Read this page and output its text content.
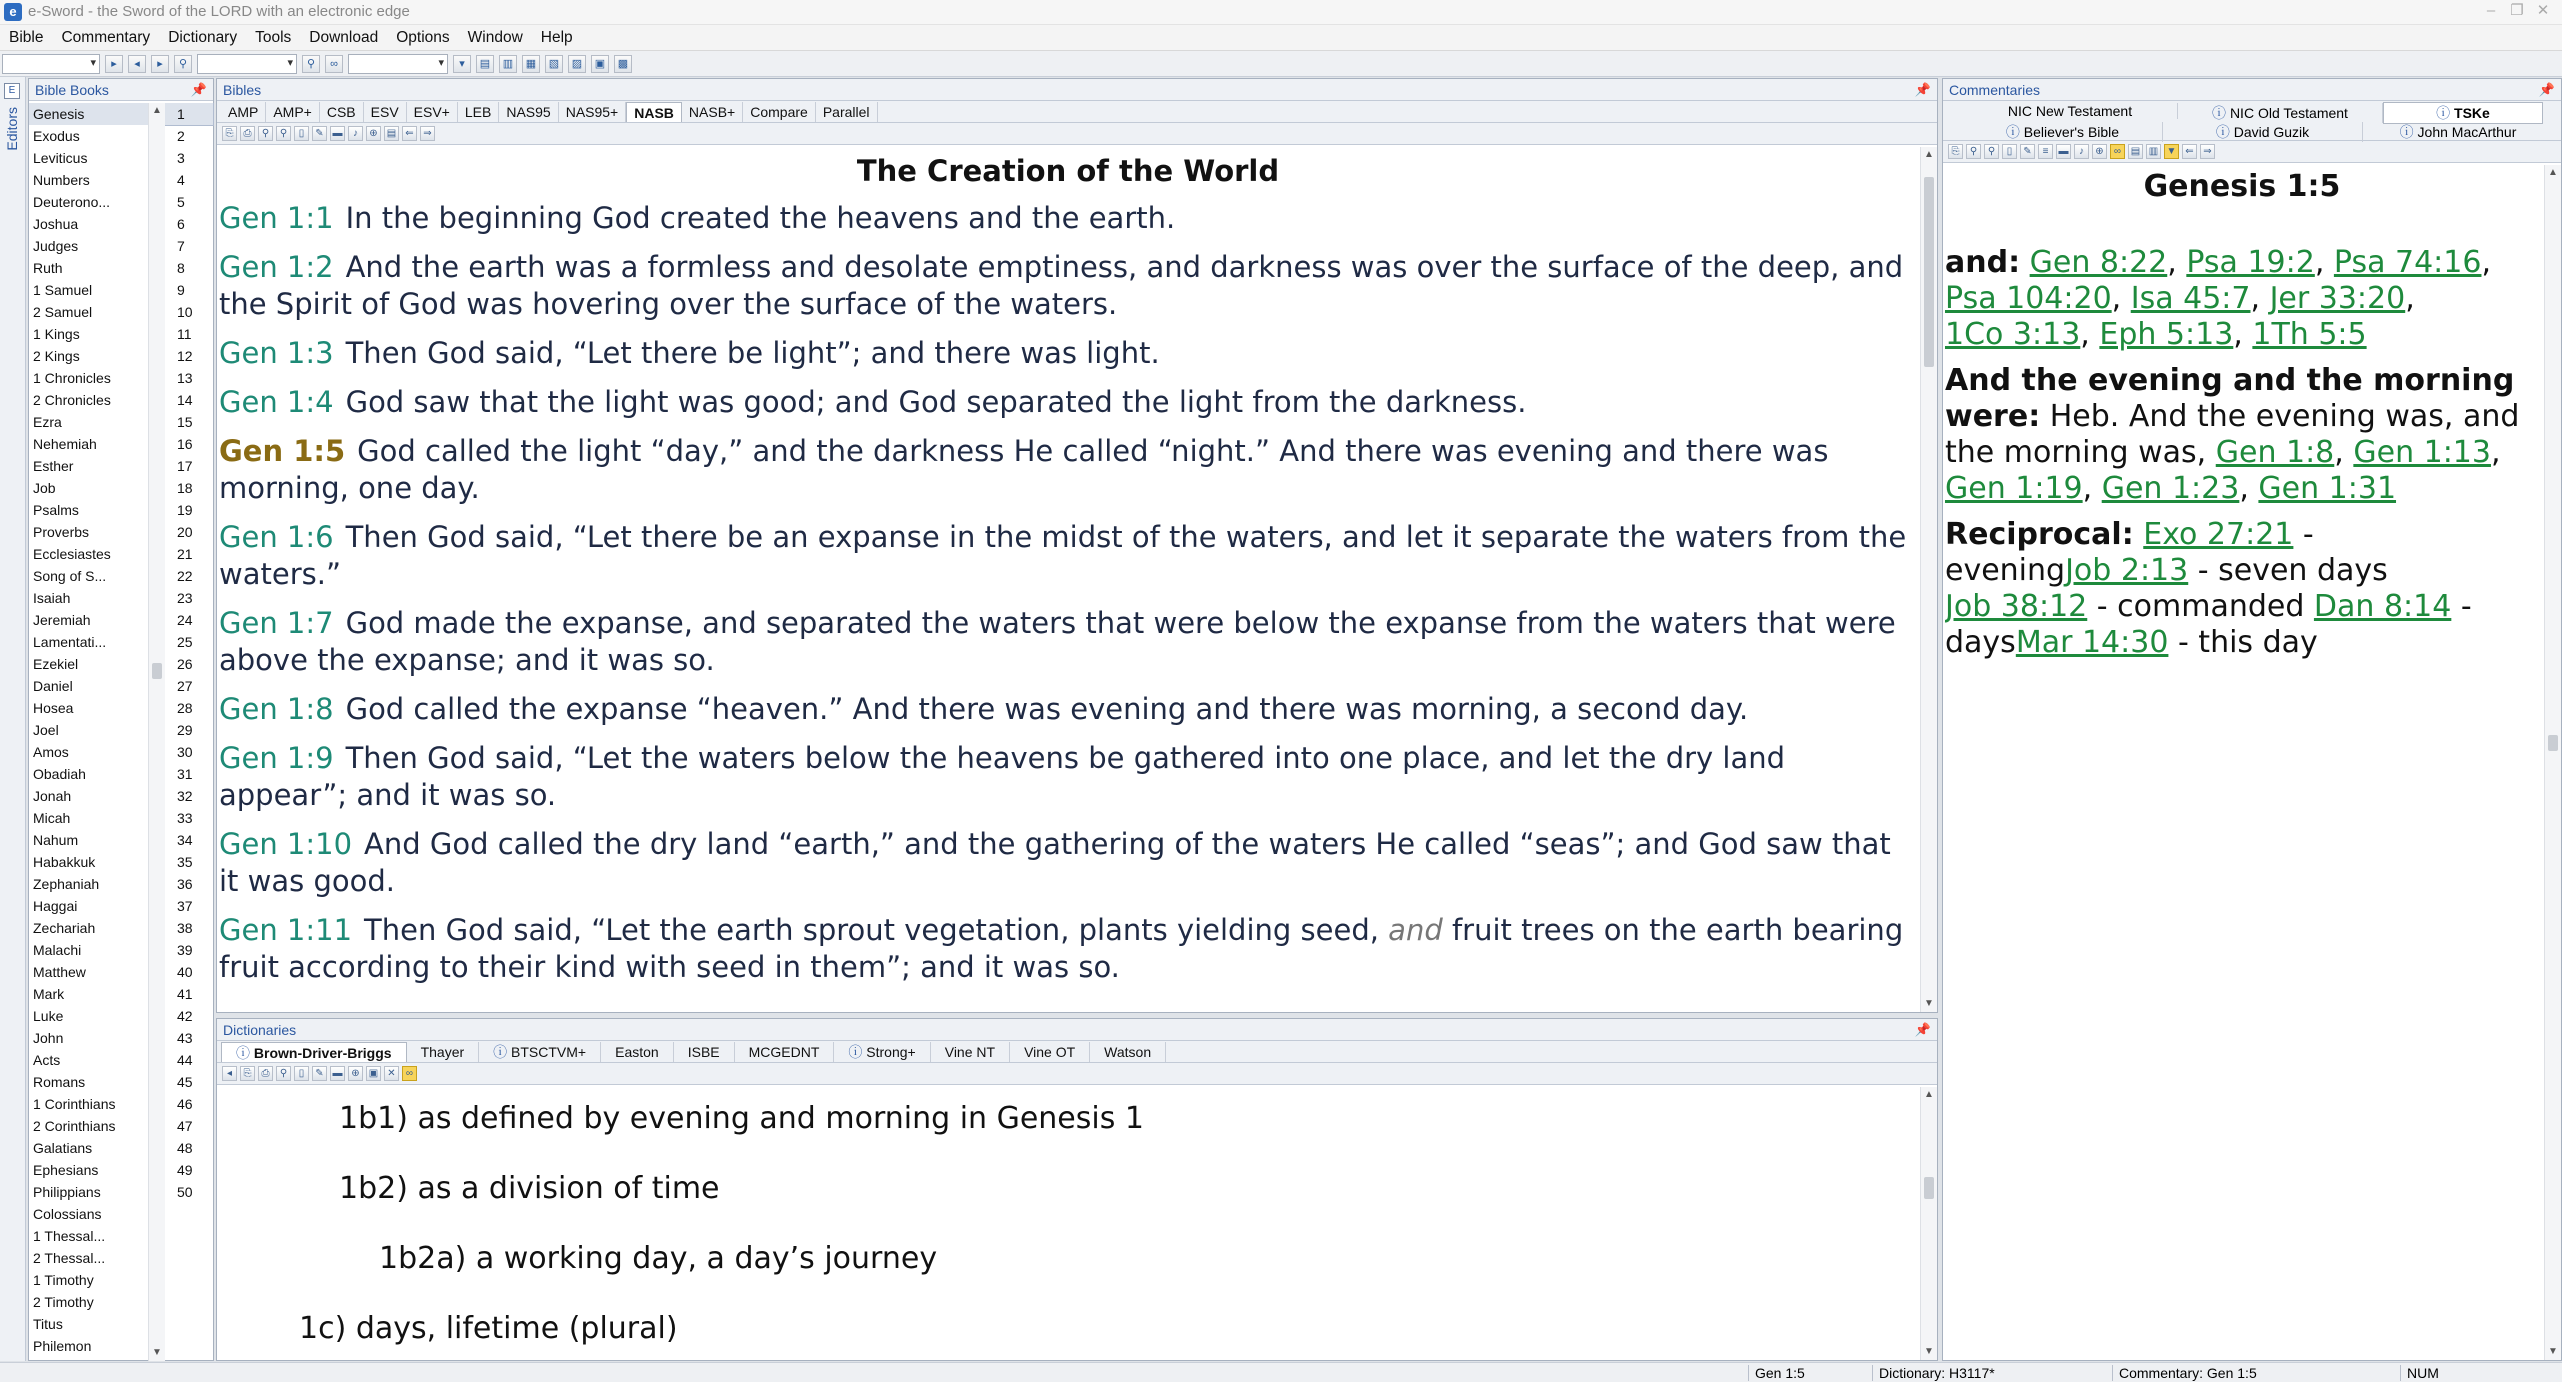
e e-Sword - the Sword of the LORD with an electronic edge	–	❐ ✕
Bible	Commentary	Dictionary	Tools	Download	Options	Window	Help
▾
▸	◂	▸	⚲ ▾	⚲	∞ ▾	▾	▤	▥	▦	▧	▨	▣	▩
E
Editors
Bible Books	📌
Genesis
Exodus
Leviticus
Numbers
Deuterono...
Joshua
Judges
Ruth
1 Samuel
2 Samuel
1 Kings
2 Kings
1 Chronicles
2 Chronicles
Ezra
Nehemiah
Esther
Job
Psalms
Proverbs
Ecclesiastes
Song of S...
Isaiah
Jeremiah
Lamentati...
Ezekiel
Daniel
Hosea
Joel
Amos
Obadiah
Jonah
Micah
Nahum
Habakkuk
Zephaniah
Haggai
Zechariah
Malachi
Matthew
Mark
Luke
John
Acts
Romans
1 Corinthians
2 Corinthians
Galatians
Ephesians
Philippians
Colossians
1 Thessal...
2 Thessal...
1 Timothy
2 Timothy
Titus
Philemon
1
2
3
4
5
6
7
8
9
10
11
12
13
14
15
16
17
18
19
20
21
22
23
24
25
26
27
28
29
30
31
32
33
34
35
36
37
38
39
40
41
42
43
44
45
46
47
48
49
50
▲
▼
Bibles	📌
AMP	AMP+	CSB	ESV	ESV+	LEB	NAS95	NAS95+	NASB	NASB+	Compare	Parallel
⎘	⎙	⚲	⚲	▯	✎ ▬	♪	⊕ ▤ ⇐ ⇒
The Creation of the World
Gen 1:1 In the beginning God created the heavens and the earth.
Gen 1:2 And the earth was a formless and desolate emptiness, and darkness was over the surface of the deep, and the Spirit of God was hovering over the surface of the waters.
Gen 1:3 Then God said, “Let there be light”; and there was light.
Gen 1:4 God saw that the light was good; and God separated the light from the darkness.
Gen 1:5 God called the light “day,” and the darkness He called “night.” And there was evening and there was morning, one day.
Gen 1:6 Then God said, “Let there be an expanse in the midst of the waters, and let it separate the waters from the waters.”
Gen 1:7 God made the expanse, and separated the waters that were below the expanse from the waters that were above the expanse; and it was so.
Gen 1:8 God called the expanse “heaven.” And there was evening and there was morning, a second day.
Gen 1:9 Then God said, “Let the waters below the heavens be gathered into one place, and let the dry land appear”; and it was so.
Gen 1:10 And God called the dry land “earth,” and the gathering of the waters He called “seas”; and God saw that it was good.
Gen 1:11 Then God said, “Let the earth sprout vegetation, plants yielding seed, and fruit trees on the earth bearing fruit according to their kind with seed in them”; and it was so.
▲
▼
Dictionaries	📌
ⓘ Brown-Driver-Briggs	Thayer	ⓘ BTSCTVM+	Easton	ISBE	MCGEDNT	ⓘ Strong+	Vine NT	Vine OT	Watson
◂	⎘	⎙	⚲	▯	✎ ▬ ⊕ ▣ ✕	∞
1b1) as defined by evening and morning in Genesis 1
1b2) as a division of time
1b2a) a working day, a day’s journey
1c) days, lifetime (plural)
▲
▼
Commentaries	📌
NIC New Testament	ⓘ NIC Old Testament	ⓘ TSKe
ⓘ Believer's Bible	ⓘ David Guzik	ⓘ John MacArthur
⎘	⚲	⚲	▯	✎	≡	▬	♪	⊕	∞ ▤ ▥ ▼ ⇐ ⇒
Genesis 1:5

and: Gen 8:22, Psa 19:2, Psa 74:16, Psa 104:20, Isa 45:7, Jer 33:20, 1Co 3:13, Eph 5:13, 1Th 5:5

And the evening and the morning were: Heb. And the evening was, and the morning was, Gen 1:8, Gen 1:13, Gen 1:19, Gen 1:23, Gen 1:31

Reciprocal: Exo 27:21 - eveningJob 2:13 - seven days Job 38:12 - commanded Dan 8:14 - daysMar 14:30 - this day

▲
▼
Gen 1:5	Dictionary: H3117*	Commentary: Gen 1:5	NUM
